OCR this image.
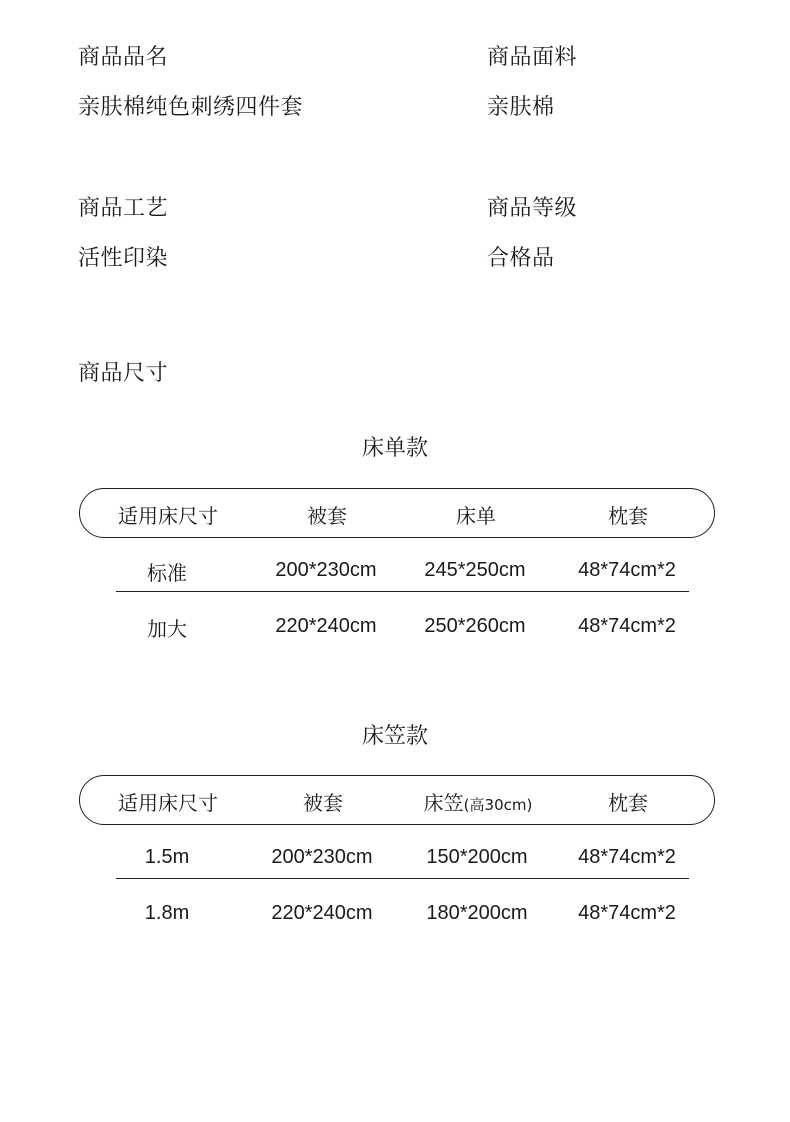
商品品名
亲肤棉纯色刺绣四件套
商品面料
亲肤棉
商品工艺
活性印染
商品等级
合格品
商品尺寸
床单款
适用床尺寸	被套	床单	枕套
标准	200*230cm 245*250cm	48*74cm*2
加大	220*240cm 250*260cm	48*74cm*2
床笠款
适用床尺寸	被套	床笠(高30cm)	枕套
1.5m	200*230cm	150*200cm	48*74cm*2
1.8m	220*240cm	180*200cm	48*74cm*2
